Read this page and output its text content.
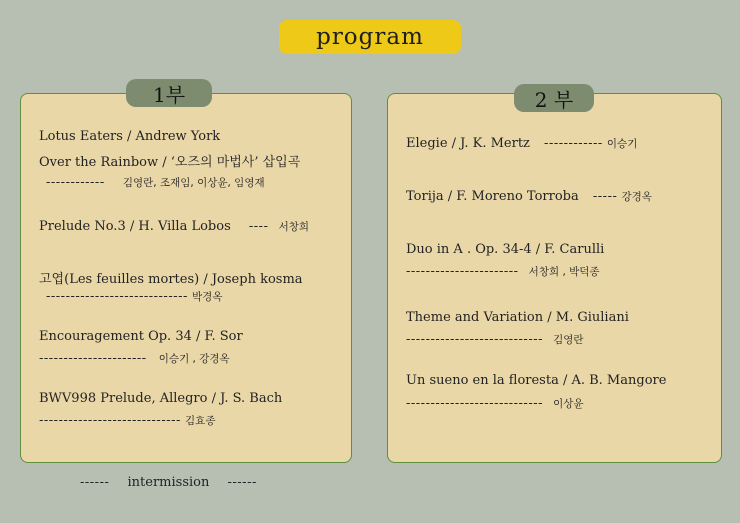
program
1부	2 부
Lotus Eaters / Andrew York
Over the Rainbow / ‘오즈의 마법사’ 삽입곡
------------ 김영란, 조재임, 이상윤, 임영재
Prelude No.3 / H. Villa Lobos ---- 서창희
고엽(Les feuilles mortes) / Joseph kosma
----------------------------- 박경옥
Encouragement Op. 34 / F. Sor
---------------------- 이승기 , 강경옥
BWV998 Prelude, Allegro / J. S. Bach
----------------------------- 김효종
Elegie / J. K. Mertz ------------ 이승기
Torija / F. Moreno Torroba ----- 강경옥
Duo in A . Op. 34-4 / F. Carulli
----------------------- 서창희 , 박덕종
Theme and Variation / M. Giuliani
---------------------------- 김영란
Un sueno en la floresta / A. B. Mangore
---------------------------- 이상윤
------ intermission ------
